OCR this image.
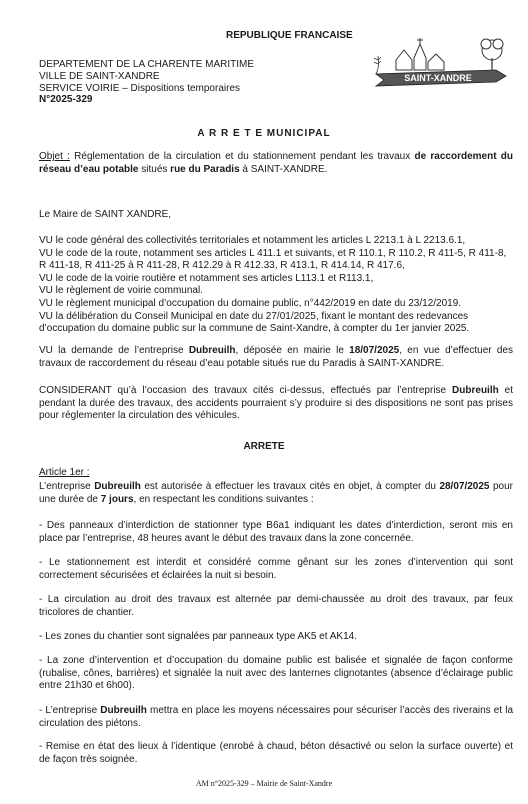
REPUBLIQUE FRANCAISE
DEPARTEMENT DE LA CHARENTE MARITIME
VILLE DE SAINT-XANDRE
SERVICE VOIRIE – Dispositions temporaires
N°2025-329
SAINT-XANDRE
A R R E T E MUNICIPAL

Objet : Réglementation de la circulation et du stationnement pendant les travaux de raccordement du réseau d’eau potable situés rue du Paradis à SAINT-XANDRE.

Le Maire de SAINT XANDRE,

VU le code général des collectivités territoriales et notamment les articles L 2213.1 à L 2213.6.1,

VU le code de la route, notamment ses articles L 411.1 et suivants, et R 110.1, R 110.2, R 411-5, R 411-8, R 411-18, R 411-25 à R 411-28, R 412.29 à R 412.33, R 413.1, R 414.14, R 417.6,

VU le code de la voirie routière et notamment ses articles L113.1 et R113.1,

VU le règlement de voirie communal.

VU le règlement municipal d’occupation du domaine public, n°442/2019 en date du 23/12/2019.

VU la délibération du Conseil Municipal en date du 27/01/2025, fixant le montant des redevances d’occupation du domaine public sur la commune de Saint-Xandre, à compter du 1er janvier 2025.

VU la demande de l’entreprise Dubreuilh, déposée en mairie le 18/07/2025, en vue d’effectuer des travaux de raccordement du réseau d’eau potable situés rue du Paradis à SAINT-XANDRE.

CONSIDERANT qu’à l’occasion des travaux cités ci-dessus, effectués par l’entreprise Dubreuilh et pendant la durée des travaux, des accidents pourraient s’y produire si des dispositions ne sont pas prises pour réglementer la circulation des véhicules.

ARRETE

Article 1er :

L’entreprise Dubreuilh est autorisée à effectuer les travaux cités en objet, à compter du 28/07/2025 pour une durée de 7 jours, en respectant les conditions suivantes :

- Des panneaux d’interdiction de stationner type B6a1 indiquant les dates d’interdiction, seront mis en place par l’entreprise, 48 heures avant le début des travaux dans la zone concernée.

- Le stationnement est interdit et considéré comme gênant sur les zones d’intervention qui sont correctement sécurisées et éclairées la nuit si besoin.

- La circulation au droit des travaux est alternée par demi-chaussée au droit des travaux, par feux tricolores de chantier.

- Les zones du chantier sont signalées par panneaux type AK5 et AK14.

- La zone d’intervention et d’occupation du domaine public est balisée et signalée de façon conforme (rubalise, cônes, barrières) et signalée la nuit avec des lanternes clignotantes (absence d’éclairage public entre 21h30 et 6h00).

- L’entreprise Dubreuilh mettra en place les moyens nécessaires pour sécuriser l’accès des riverains et la circulation des piétons.

- Remise en état des lieux à l’identique (enrobé à chaud, béton désactivé ou selon la surface ouverte) et de façon très soignée.

AM n°2025-329 – Mairie de Saint-Xandre
